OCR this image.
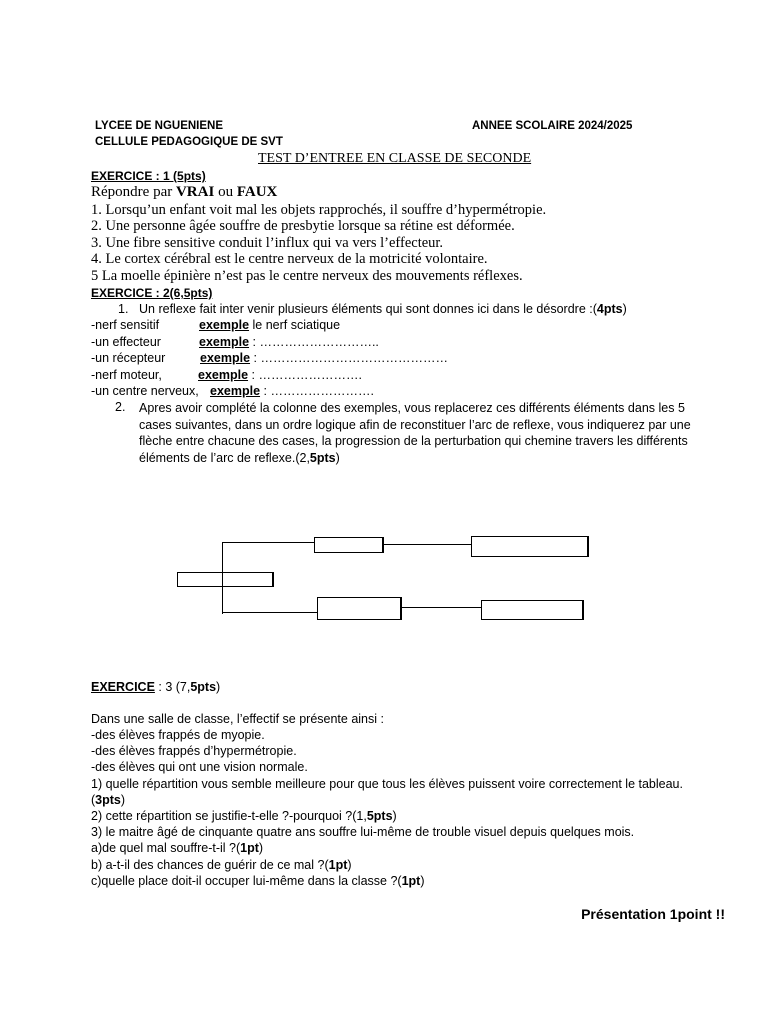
LYCEE DE NGUENIENE	ANNEE SCOLAIRE 2024/2025
CELLULE PEDAGOGIQUE DE SVT
TEST D’ENTREE EN CLASSE DE SECONDE
EXERCICE : 1 (5pts)
Répondre par VRAI ou FAUX
1. Lorsqu’un enfant voit mal les objets rapprochés, il souffre d’hypermétropie.
2. Une personne âgée souffre de presbytie lorsque sa rétine est déformée.
3. Une fibre sensitive conduit l’influx qui va vers l’effecteur.
4. Le cortex cérébral est le centre nerveux de la motricité volontaire.
5 La moelle épinière n’est pas le centre nerveux des mouvements réflexes.
EXERCICE : 2(6,5pts)
1. Un reflexe fait inter venir plusieurs éléments qui sont donnes ici dans le désordre :(4pts)
-nerf sensitif	exemple le nerf sciatique
-un effecteur	exemple : ………………………..
-un récepteur	exemple : ………………………………………
-nerf moteur,	exemple : …………………….
-un centre nerveux, exemple : …………………….
2. Apres avoir complété la colonne des exemples, vous replacerez ces différents éléments dans les 5 cases suivantes, dans un ordre logique afin de reconstituer l’arc de reflexe, vous indiquerez par une flèche entre chacune des cases, la progression de la perturbation qui chemine travers les différents éléments de l’arc de reflexe.(2,5pts)
EXERCICE : 3 (7,5pts)
Dans une salle de classe, l’effectif se présente ainsi :
-des élèves frappés de myopie.
-des élèves frappés d’hypermétropie.
-des élèves qui ont une vision normale.
1) quelle répartition vous semble meilleure pour que tous les élèves puissent voire correctement le tableau.
(3pts)
2) cette répartition se justifie-t-elle ?-pourquoi ?(1,5pts)
3) le maitre âgé de cinquante quatre ans souffre lui-même de trouble visuel depuis quelques mois.
a)de quel mal souffre-t-il ?(1pt)
b) a-t-il des chances de guérir de ce mal ?(1pt)
c)quelle place doit-il occuper lui-même dans la classe ?(1pt)
Présentation 1point !!
